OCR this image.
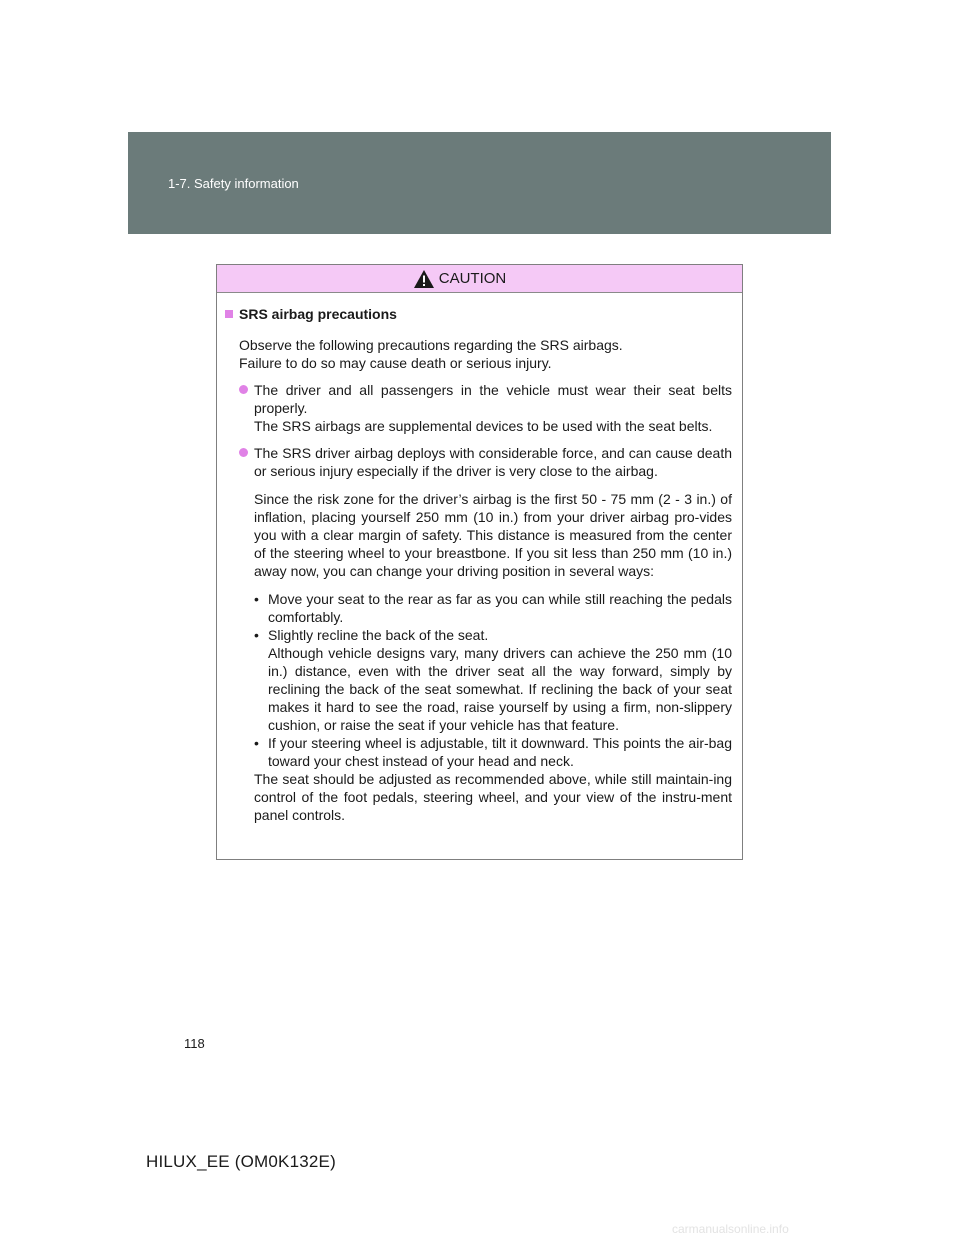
1-7. Safety information
CAUTION
SRS airbag precautions

Observe the following precautions regarding the SRS airbags.

Failure to do so may cause death or serious injury.

The driver and all passengers in the vehicle must wear their seat belts properly.
The SRS airbags are supplemental devices to be used with the seat belts.
The SRS driver airbag deploys with considerable force, and can cause death or serious injury especially if the driver is very close to the airbag.

Since the risk zone for the driver’s airbag is the first 50 - 75 mm (2 - 3 in.) of inflation, placing yourself 250 mm (10 in.) from your driver airbag pro-vides you with a clear margin of safety. This distance is measured from the center of the steering wheel to your breastbone. If you sit less than 250 mm (10 in.) away now, you can change your driving position in several ways:

• Move your seat to the rear as far as you can while still reaching the pedals comfortably.
• Slightly recline the back of the seat.
Although vehicle designs vary, many drivers can achieve the 250 mm (10 in.) distance, even with the driver seat all the way forward, simply by reclining the back of the seat somewhat. If reclining the back of your seat makes it hard to see the road, raise yourself by using a firm, non-slippery cushion, or raise the seat if your vehicle has that feature.
• If your steering wheel is adjustable, tilt it downward. This points the air-bag toward your chest instead of your head and neck.

The seat should be adjusted as recommended above, while still maintain-ing control of the foot pedals, steering wheel, and your view of the instru-ment panel controls.

118
HILUX_EE (OM0K132E)
carmanualsonline.info
